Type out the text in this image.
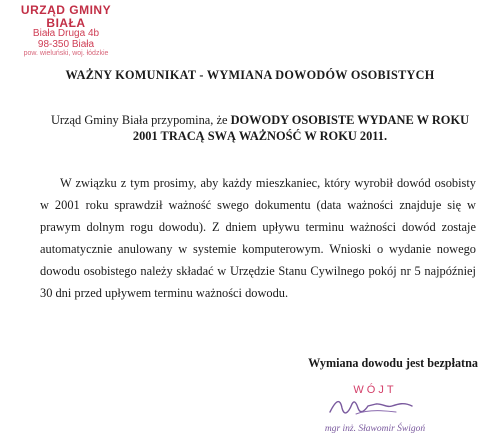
URZĄD GMINY BIAŁA
Biała Druga 4b
98-350 Biała
pow. wieluński, woj. łódzkie
WAŻNY KOMUNIKAT - WYMIANA DOWODÓW OSOBISTYCH
Urząd Gminy Biała przypomina, że DOWODY OSOBISTE WYDANE W ROKU 2001 TRACĄ SWĄ WAŻNOŚĆ W ROKU 2011.
W związku z tym prosimy, aby każdy mieszkaniec, który wyrobił dowód osobisty w 2001 roku sprawdził ważność swego dokumentu (data ważności znajduje się w prawym dolnym rogu dowodu). Z dniem upływu terminu ważności dowód zostaje automatycznie anulowany w systemie komputerowym. Wnioski o wydanie nowego dowodu osobistego należy składać w Urzędzie Stanu Cywilnego pokój nr 5 najpóźniej 30 dni przed upływem terminu ważności dowodu.
Wymiana dowodu jest bezpłatna
WÓJT
mgr inż. Sławomir Świgoń
